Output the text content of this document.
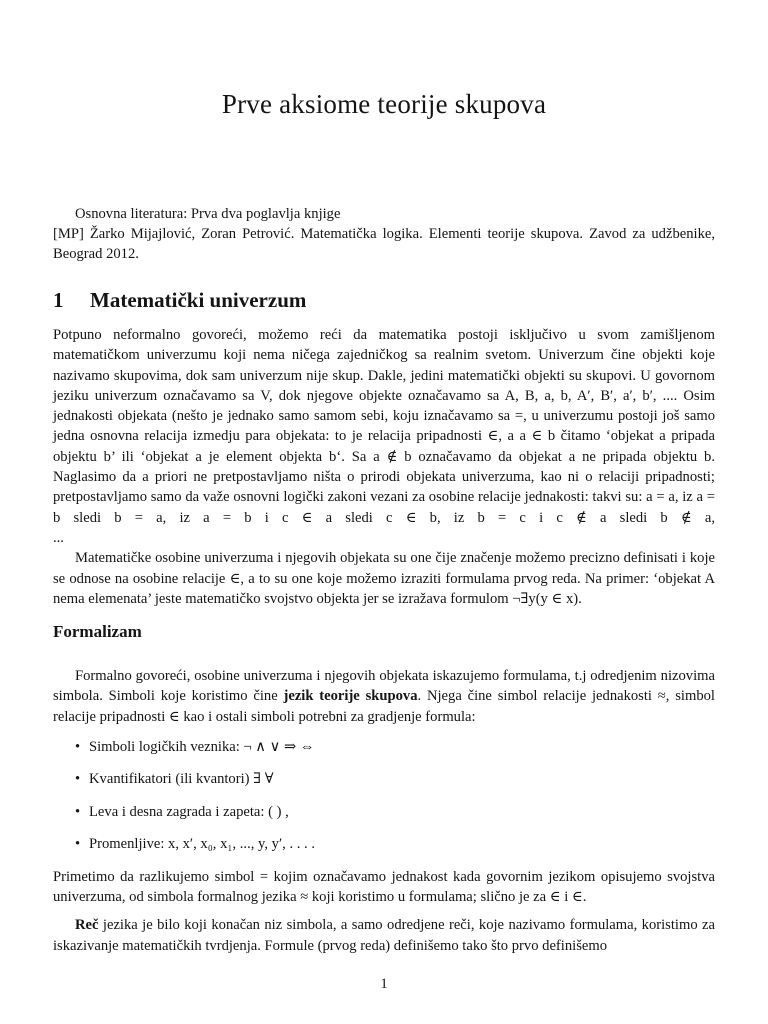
Prve aksiome teorije skupova

Osnovna literatura: Prva dva poglavlja knjige

[MP] Žarko Mijajlović, Zoran Petrović. Matematička logika. Elementi teorije skupova. Zavod za udžbenike, Beograd 2012.

1 Matematički univerzum

Potpuno neformalno govoreći, možemo reći da matematika postoji isključivo u svom zamišljenom matematičkom univerzumu koji nema ničega zajedničkog sa realnim svetom. Univerzum čine objekti koje nazivamo skupovima, dok sam univerzum nije skup. Dakle, jedini matematički objekti su skupovi. U govornom jeziku univerzum označavamo sa V, dok njegove objekte označavamo sa A, B, a, b, A′, B′, a′, b′, .... Osim jednakosti objekata (nešto je jednako samo samom sebi, koju iznačavamo sa =, u univerzumu postoji još samo jedna osnovna relacija izmedju para objekata: to je relacija pripadnosti ∈, a a ∈ b čitamo ‘objekat a pripada objektu b’ ili ‘objekat a je element objekta b‘. Sa a ∉ b označavamo da objekat a ne pripada objektu b. Naglasimo da a priori ne pretpostavljamo ništa o prirodi objekata univerzuma, kao ni o relaciji pripadnosti; pretpostavljamo samo da važe osnovni logički zakoni vezani za osobine relacije jednakosti: takvi su: a = a, iz a = b sledi b = a, iz a = b i c ∈ a sledi c ∈ b, iz b = c i c ∉ a sledi b ∉ a,

...

Matematičke osobine univerzuma i njegovih objekata su one čije značenje možemo precizno definisati i koje se odnose na osobine relacije ∈, a to su one koje možemo izraziti formulama prvog reda. Na primer: ‘objekat A nema elemenata’ jeste matematičko svojstvo objekta jer se izražava formulom ¬∃y(y ∈ x).

Formalizam

Formalno govoreći, osobine univerzuma i njegovih objekata iskazujemo formulama, t.j odredjenim nizovima simbola. Simboli koje koristimo čine jezik teorije skupova. Njega čine simbol relacije jednakosti ≈, simbol relacije pripadnosti ∈ kao i ostali simboli potrebni za gradjenje formula:

• Simboli logičkih veznika: ¬ ∧ ∨ ⇒ ⇔
• Kvantifikatori (ili kvantori) ∃ ∀
• Leva i desna zagrada i zapeta: ( ) ,
• Promenljive: x, x′, x₀, x₁, ..., y, y′, . . . .

Primetimo da razlikujemo simbol = kojim označavamo jednakost kada govornim jezikom opisujemo svojstva univerzuma, od simbola formalnog jezika ≈ koji koristimo u formulama; slično je za ∈ i ∈.

Reč jezika je bilo koji konačan niz simbola, a samo odredjene reči, koje nazivamo formulama, koristimo za iskazivanje matematičkih tvrdjenja. Formule (prvog reda) definišemo tako što prvo definišemo

1
